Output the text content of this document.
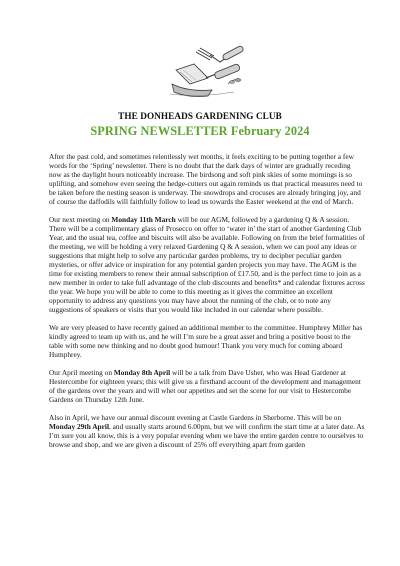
THE DONHEADS GARDENING CLUB
SPRING NEWSLETTER February 2024

After the past cold, and sometimes relentlessly wet months, it feels exciting to be putting together a few words for the ‘Spring’ newsletter. There is no doubt that the dark days of winter are gradually receding now as the daylight hours noticeably increase. The birdsong and soft pink skies of some mornings is so uplifting, and somehow even seeing the hedge-cutters out again reminds us that practical measures need to be taken before the nesting season is underway. The snowdrops and crocuses are already bringing joy, and of course the daffodils will faithfully follow to lead us towards the Easter weekend at the end of March.

Our next meeting on Monday 11th March will be our AGM, followed by a gardening Q & A session. There will be a complimentary glass of Prosecco on offer to ‘water in’ the start of another Gardening Club Year, and the usual tea, coffee and biscuits will also be available. Following on from the brief formalities of the meeting, we will be holding a very relaxed Gardening Q & A session, when we can pool any ideas or suggestions that might help to solve any particular garden problems, try to decipher peculiar garden mysteries, or offer advice or inspiration for any potential garden projects you may have. The AGM is the time for existing members to renew their annual subscription of £17.50, and is the perfect time to join as a new member in order to take full advantage of the club discounts and benefits* and calendar fixtures across the year. We hope you will be able to come to this meeting as it gives the committee an excellent opportunity to address any questions you may have about the running of the club, or to note any suggestions of speakers or visits that you would like included in our calendar where possible.

We are very pleased to have recently gained an additional member to the committee. Humphrey Miller has kindly agreed to team up with us, and he will I’m sure be a great asset and bring a positive boost to the table with some new thinking and no doubt good humour! Thank you very much for coming aboard Humphrey.

Our April meeting on Monday 8th April will be a talk from Dave Usher, who was Head Gardener at Hestercombe for eighteen years; this will give us a firsthand account of the development and management of the gardens over the years and will whet our appetites and set the scene for our visit to Hestercombe Gardens on Thursday 12th June.

Also in April, we have our annual discount evening at Castle Gardens in Sherborne. This will be on Monday 29th April, and usually starts around 6.00pm, but we will confirm the start time at a later date. As I’m sure you all know, this is a very popular evening when we have the entire garden centre to ourselves to browse and shop, and we are given a discount of 25% off everything apart from garden
